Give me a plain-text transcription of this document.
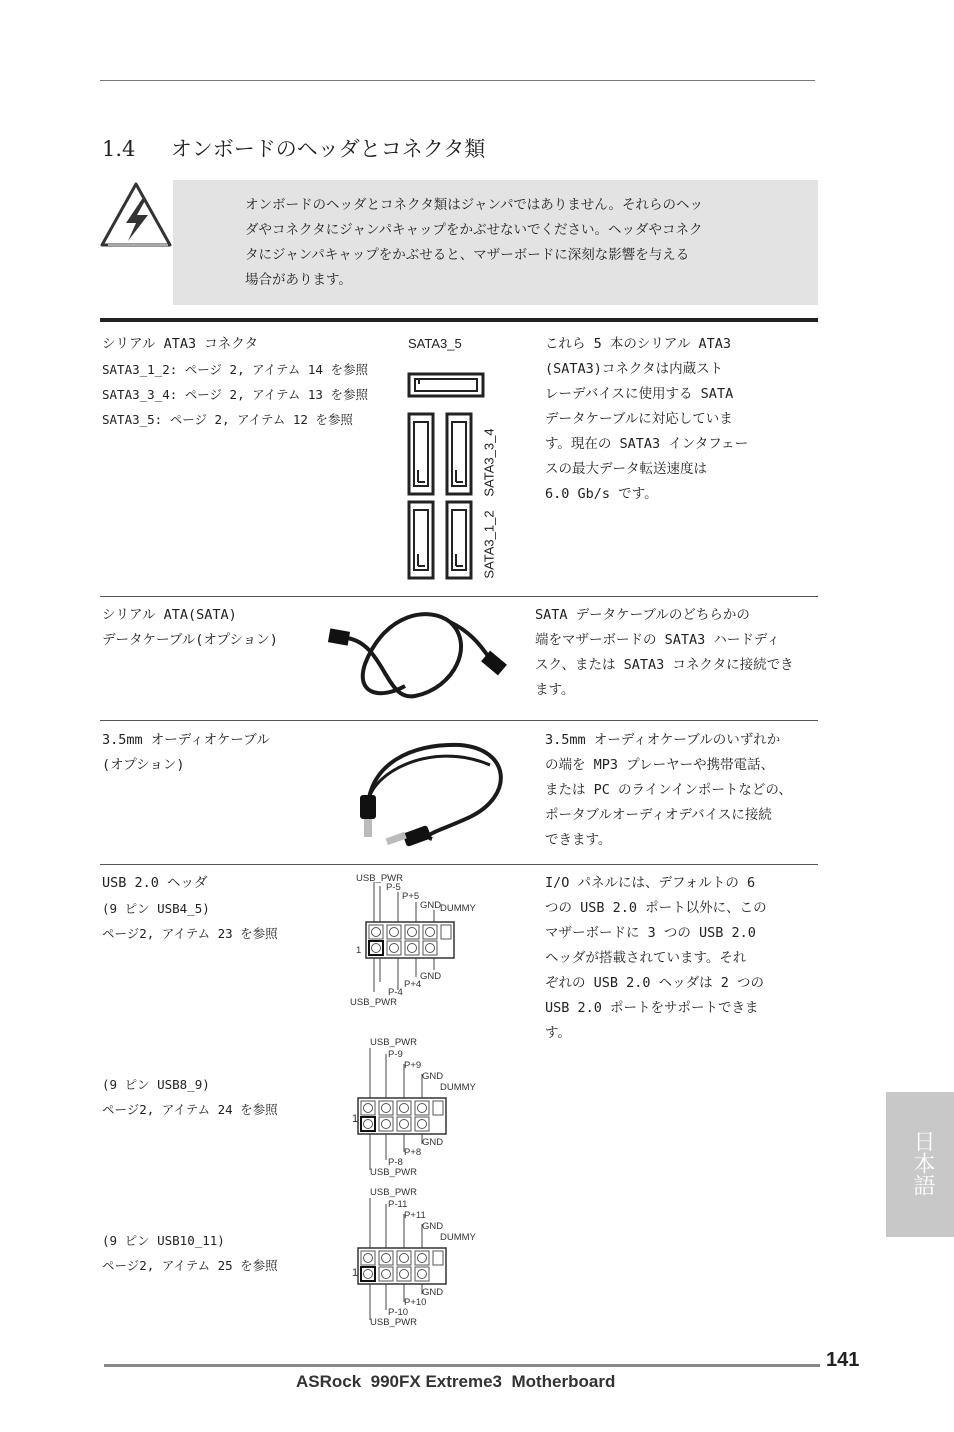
1.4 オンボードのヘッダとコネクタ類
オンボードのヘッダとコネクタ類はジャンパではありません。それらのヘッ
ダやコネクタにジャンパキャップをかぶせないでください。ヘッダやコネク
タにジャンパキャップをかぶせると、マザーボードに深刻な影響を与える
場合があります。
シリアル ATA3 コネクタ
SATA3_1_2: ページ 2, アイテム 14 を参照
SATA3_3_4: ページ 2, アイテム 13 を参照
SATA3_5: ページ 2, アイテム 12 を参照
SATA3_5
SATA3_3_4
SATA3_1_2
これら 5 本のシリアル ATA3
(SATA3)コネクタは内蔵スト
レーデバイスに使用する SATA
データケーブルに対応していま
す。現在の SATA3 インタフェー
スの最大データ転送速度は
6.0 Gb/s です。
シリアル ATA(SATA)
データケーブル(オプション)
SATA データケーブルのどちらかの
端をマザーボードの SATA3 ハードディ
スク、または SATA3 コネクタに接続でき
ます。
3.5mm オーディオケーブル
(オプション)
3.5mm オーディオケーブルのいずれか
の端を MP3 プレーヤーや携帯電話、
または PC のラインインポートなどの、
ポータブルオーディオデバイスに接続
できます。
USB 2.0 ヘッダ
(9 ピン USB4_5)
ページ2, アイテム 23 を参照
(9 ピン USB8_9)
ページ2, アイテム 24 を参照
(9 ピン USB10_11)
ページ2, アイテム 25 を参照
I/O パネルには、デフォルトの 6
つの USB 2.0 ポート以外に、この
マザーボードに 3 つの USB 2.0
ヘッダが搭載されています。それ
ぞれの USB 2.0 ヘッダは 2 つの
USB 2.0 ポートをサポートできま
す。
USB_PWR
P-5
P+5
GND
DUMMY
1
GND
P+4
P-4
USB_PWR
USB_PWR
P-9
P+9
GND
DUMMY
1
GND
P+8
P-8
USB_PWR
USB_PWR
P-11
P+11
GND
DUMMY
1
GND
P+10
P-10
USB_PWR
日本語
141
ASRock  990FX Extreme3  Motherboard
